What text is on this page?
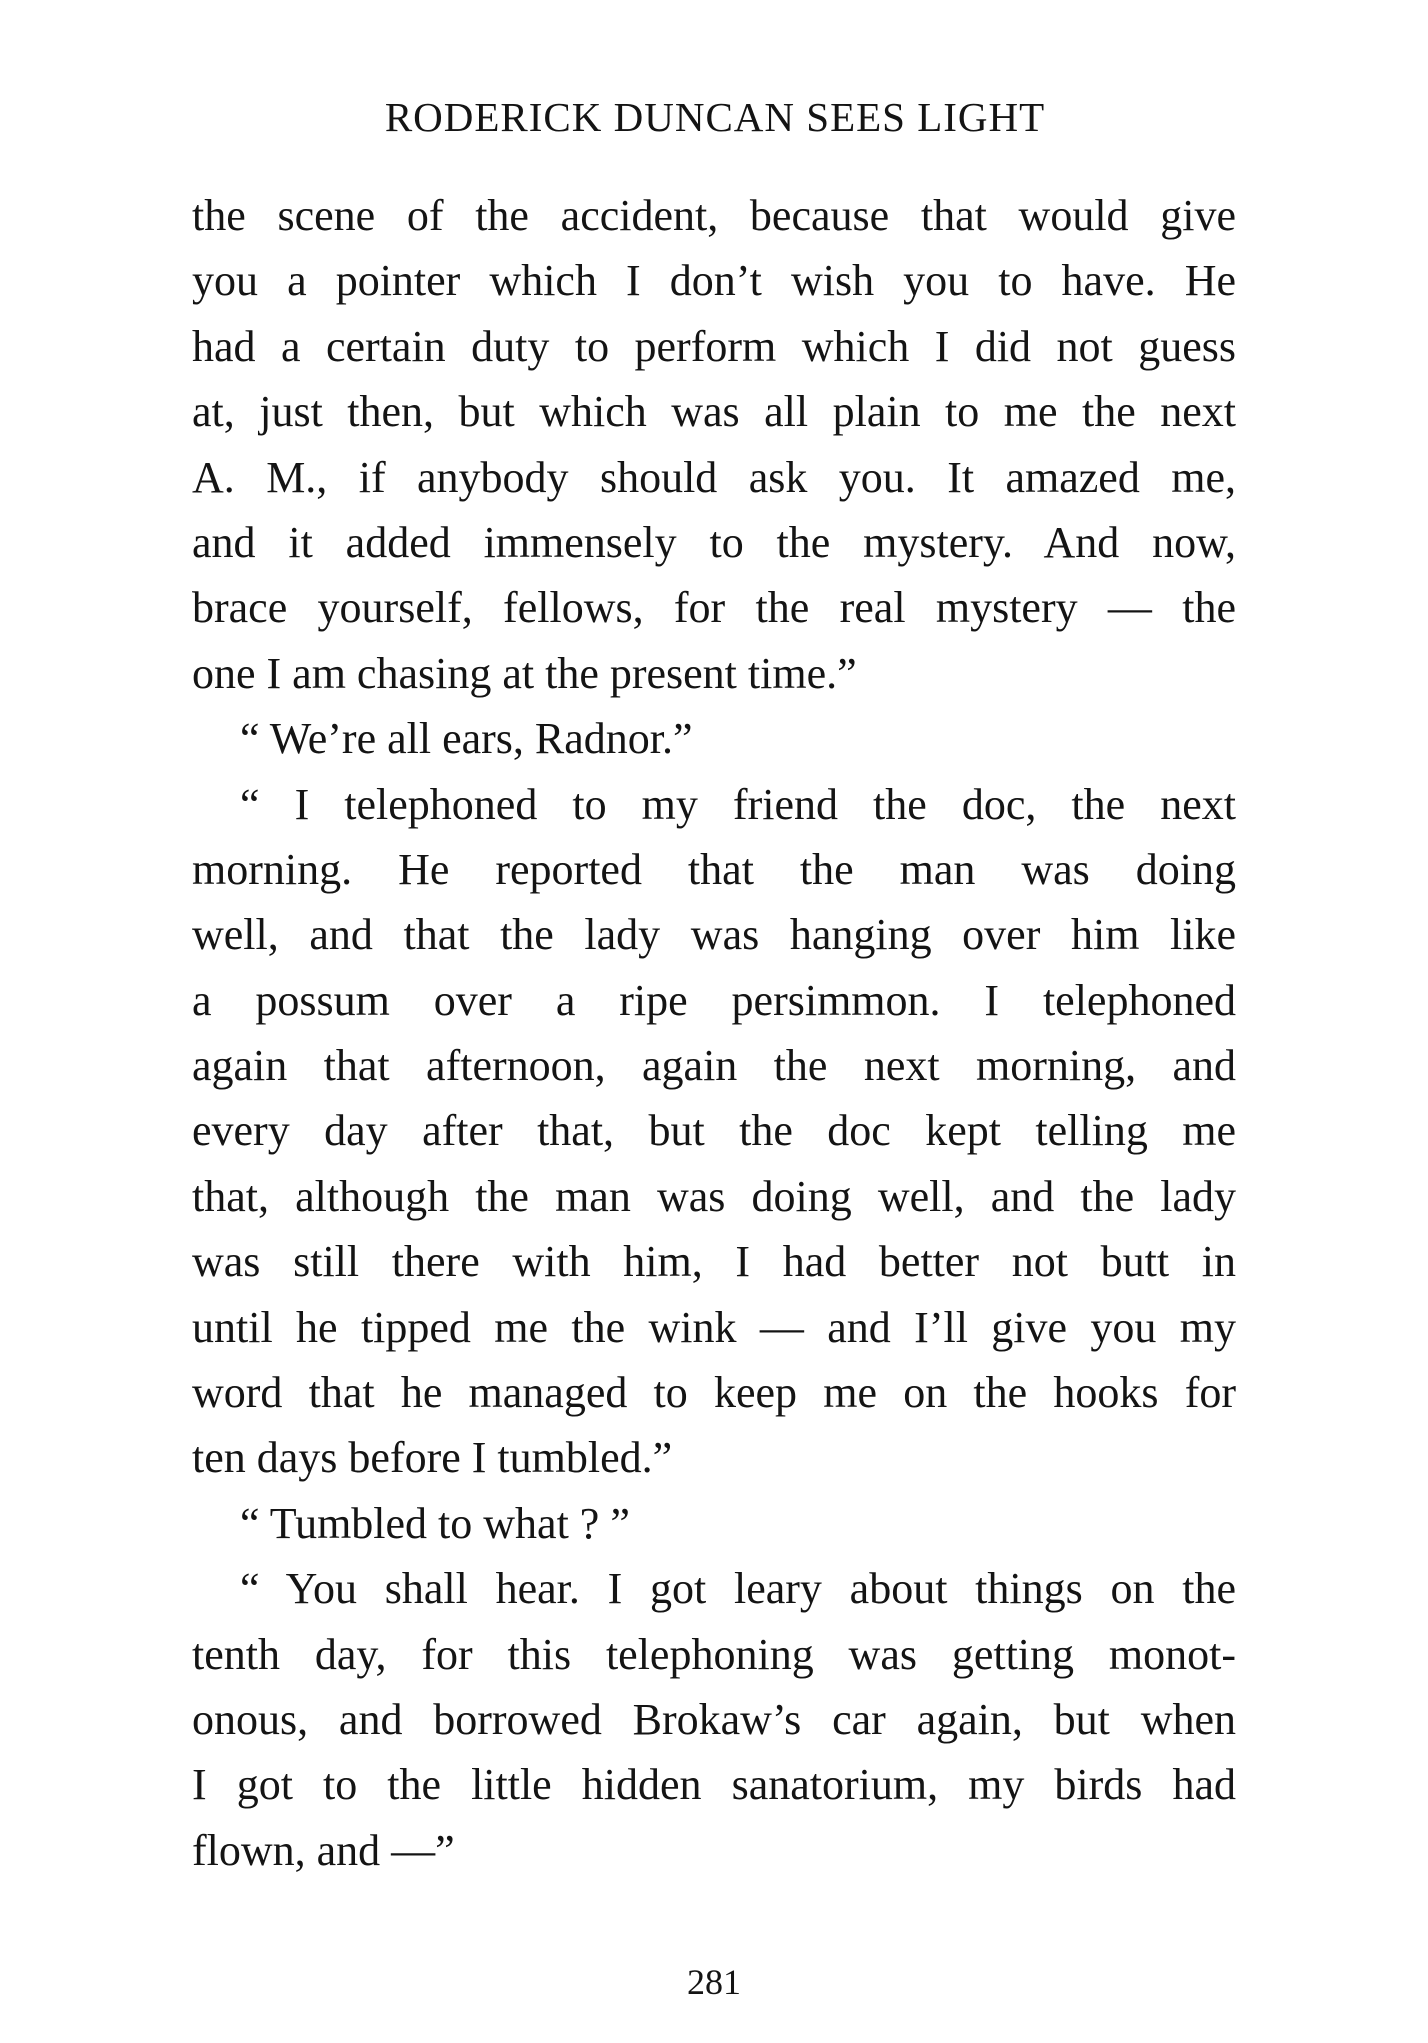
RODERICK DUNCAN SEES LIGHT
the scene of the accident, because that would give
you a pointer which I don’t wish you to have. He
had a certain duty to perform which I did not guess
at, just then, but which was all plain to me the next
A. M., if anybody should ask you. It amazed me,
and it added immensely to the mystery. And now,
brace yourself, fellows, for the real mystery — the
one I am chasing at the present time.”
“ We’re all ears, Radnor.”
“ I telephoned to my friend the doc, the next
morning. He reported that the man was doing
well, and that the lady was hanging over him like
a possum over a ripe persimmon. I telephoned
again that afternoon, again the next morning, and
every day after that, but the doc kept telling me
that, although the man was doing well, and the lady
was still there with him, I had better not butt in
until he tipped me the wink — and I’ll give you my
word that he managed to keep me on the hooks for
ten days before I tumbled.”
“ Tumbled to what ? ”
“ You shall hear. I got leary about things on the
tenth day, for this telephoning was getting monot-
onous, and borrowed Brokaw’s car again, but when
I got to the little hidden sanatorium, my birds had
flown, and —”
281
